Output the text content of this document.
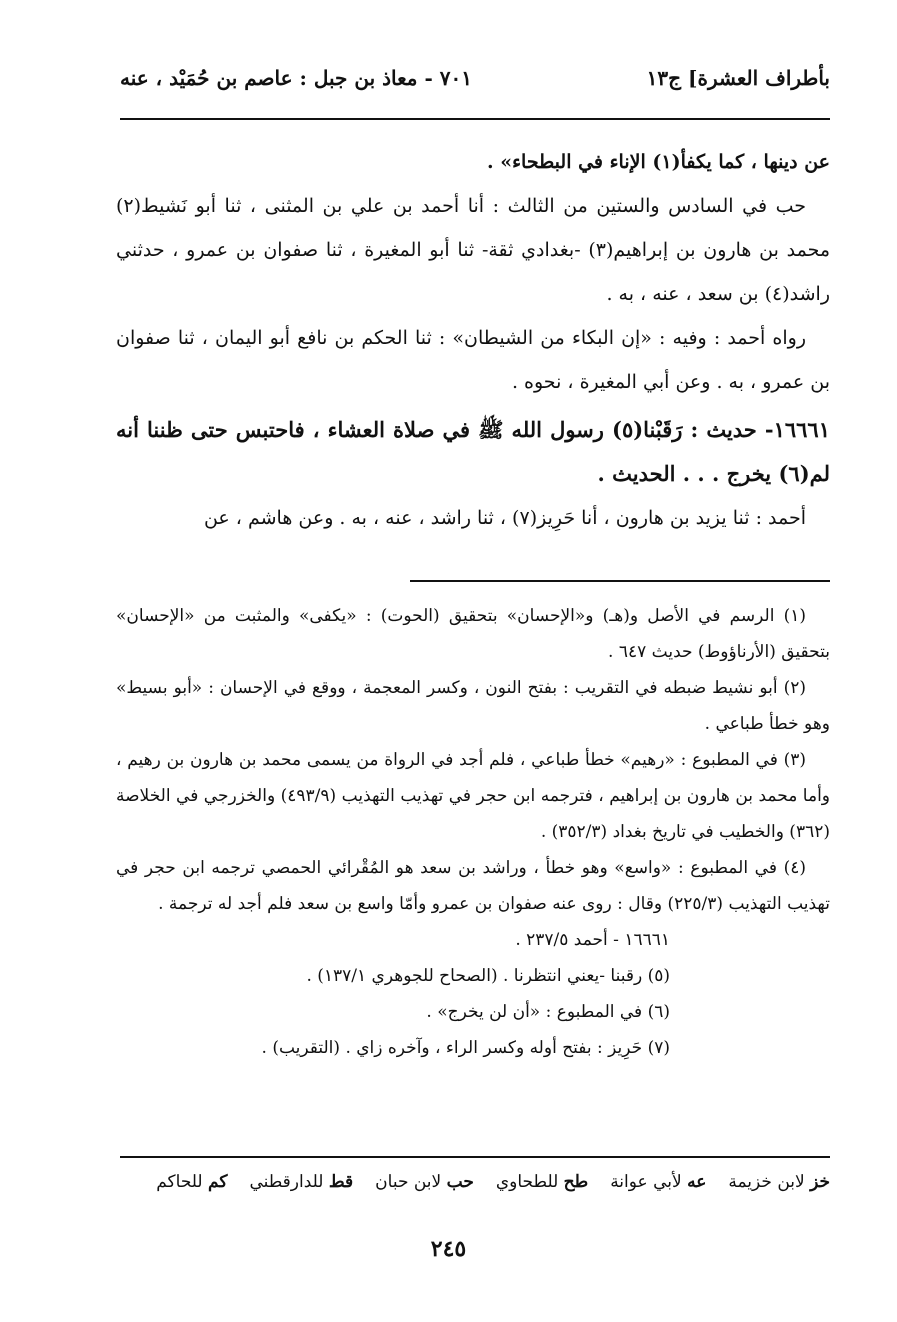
بأطراف العشرة] ج١٣
٧٠١ - معاذ بن جبل : عاصم بن حُمَيْد ، عنه

عن دينها ، كما يكفأ(١) الإناء في البطحاء» .

حب في السادس والستين من الثالث : أنا أحمد بن علي بن المثنى ، ثنا أبو نَشيط(٢) محمد بن هارون بن إبراهيم(٣) -بغدادي ثقة- ثنا أبو المغيرة ، ثنا صفوان بن عمرو ، حدثني راشد(٤) بن سعد ، عنه ، به .

رواه أحمد : وفيه : «إن البكاء من الشيطان» : ثنا الحكم بن نافع أبو اليمان ، ثنا صفوان بن عمرو ، به . وعن أبي المغيرة ، نحوه .

١٦٦٦١- حديث : رَقَبْنا(٥) رسول الله ﷺ في صلاة العشاء ، فاحتبس حتى ظننا أنه لم(٦) يخرج . . . الحديث .

أحمد : ثنا يزيد بن هارون ، أنا حَرِيز(٧) ، ثنا راشد ، عنه ، به . وعن هاشم ، عن

(١) الرسم في الأصل و(هـ) و«الإحسان» بتحقيق (الحوت) : «يكفى» والمثبت من «الإحسان» بتحقيق (الأرناؤوط) حديث ٦٤٧ .

(٢) أبو نشيط ضبطه في التقريب : بفتح النون ، وكسر المعجمة ، ووقع في الإحسان : «أبو بسيط» وهو خطأ طباعي .

(٣) في المطبوع : «رهيم» خطأ طباعي ، فلم أجد في الرواة من يسمى محمد بن هارون بن رهيم ، وأما محمد بن هارون بن إبراهيم ، فترجمه ابن حجر في تهذيب التهذيب (٤٩٣/٩) والخزرجي في الخلاصة (٣٦٢) والخطيب في تاريخ بغداد (٣٥٢/٣) .

(٤) في المطبوع : «واسع» وهو خطأ ، وراشد بن سعد هو المُقْرائي الحمصي ترجمه ابن حجر في تهذيب التهذيب (٢٢٥/٣) وقال : روى عنه صفوان بن عمرو وأمّا واسع بن سعد فلم أجد له ترجمة .

١٦٦٦١ - أحمد ٢٣٧/٥ .

(٥) رقبنا -يعني انتظرنا . (الصحاح للجوهري ١٣٧/١) .

(٦) في المطبوع : «أن لن يخرج» .

(٧) حَرِيز : بفتح أوله وكسر الراء ، وآخره زاي . (التقريب) .

خز لابن خزيمة
عه لأبي عوانة
طح للطحاوي
حب لابن حبان
قط للدارقطني
كم للحاكم
٢٤٥
